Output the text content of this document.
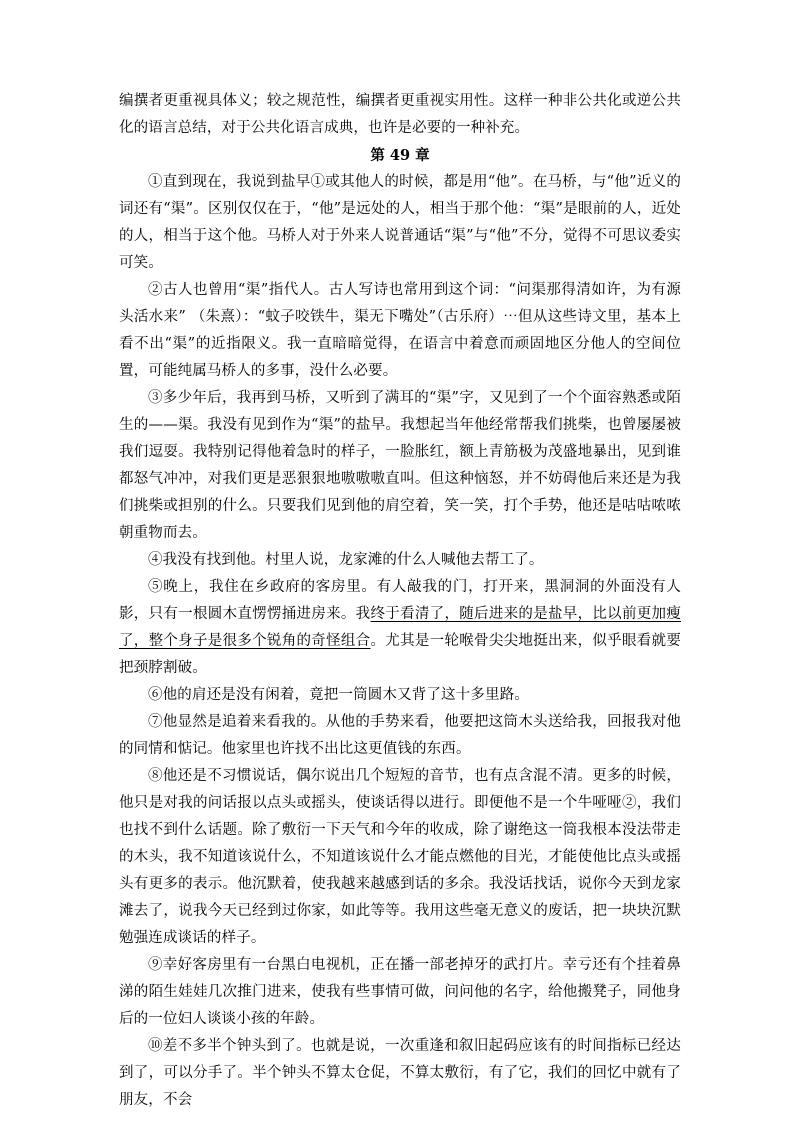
编撰者更重视具体义；较之规范性，编撰者更重视实用性。这样一种非公共化或逆公共化的语言总结，对于公共化语言成典，也许是必要的一种补充。

第 49 章

①直到现在，我说到盐早①或其他人的时候，都是用“他”。在马桥，与“他”近义的词还有“渠”。区别仅仅在于，“他”是远处的人，相当于那个他：“渠”是眼前的人，近处的人，相当于这个他。马桥人对于外来人说普通话“渠”与“他”不分，觉得不可思议委实可笑。

②古人也曾用“渠”指代人。古人写诗也常用到这个词：“问渠那得清如许，为有源头活水来” （朱熹）：“蚊子咬铁牛，渠无下嘴处”（古乐府）⋯但从这些诗文里，基本上看不出“渠”的近指限义。我一直暗暗觉得，在语言中着意而顽固地区分他人的空间位置，可能纯属马桥人的多事，没什么必要。

③多少年后，我再到马桥，又听到了满耳的“渠”字，又见到了一个个面容熟悉或陌生的——渠。我没有见到作为“渠”的盐早。我想起当年他经常帮我们挑柴，也曾屡屡被我们逗耍。我特别记得他着急时的样子，一脸胀红，额上青筋极为茂盛地暴出，见到谁都怒气冲冲，对我们更是恶狠狠地嗷嗷嗷直叫。但这种恼怒，并不妨碍他后来还是为我们挑柴或担别的什么。只要我们见到他的肩空着，笑一笑，打个手势，他还是咕咕哝哝朝重物而去。

④我没有找到他。村里人说，龙家滩的什么人喊他去帮工了。

⑤晚上，我住在乡政府的客房里。有人敲我的门，打开来，黑洞洞的外面没有人影，只有一根圆木直愣愣捅进房来。我终于看清了，随后进来的是盐早，比以前更加瘦了，整个身子是很多个锐角的奇怪组合。尤其是一轮喉骨尖尖地挺出来，似乎眼看就要把颈脖割破。

⑥他的肩还是没有闲着，竟把一筒圆木又背了这十多里路。

⑦他显然是追着来看我的。从他的手势来看，他要把这筒木头送给我，回报我对他的同情和惦记。他家里也许找不出比这更值钱的东西。

⑧他还是不习惯说话，偶尔说出几个短短的音节，也有点含混不清。更多的时候，他只是对我的问话报以点头或摇头，使谈话得以进行。即便他不是一个牛哑哑②，我们也找不到什么话题。除了敷衍一下天气和今年的收成，除了谢绝这一筒我根本没法带走的木头，我不知道该说什么，不知道该说什么才能点燃他的目光，才能使他比点头或摇头有更多的表示。他沉默着，使我越来越感到话的多余。我没话找话，说你今天到龙家滩去了，说我今天已经到过你家，如此等等。我用这些毫无意义的废话，把一块块沉默勉强连成谈话的样子。

⑨幸好客房里有一台黑白电视机，正在播一部老掉牙的武打片。幸亏还有个挂着鼻涕的陌生娃娃几次推门进来，使我有些事情可做，问问他的名字，给他搬凳子，同他身后的一位妇人谈谈小孩的年龄。

⑩差不多半个钟头到了。也就是说，一次重逢和叙旧起码应该有的时间指标已经达到了，可以分手了。半个钟头不算太仓促，不算太敷衍，有了它，我们的回忆中就有了朋友，不会
